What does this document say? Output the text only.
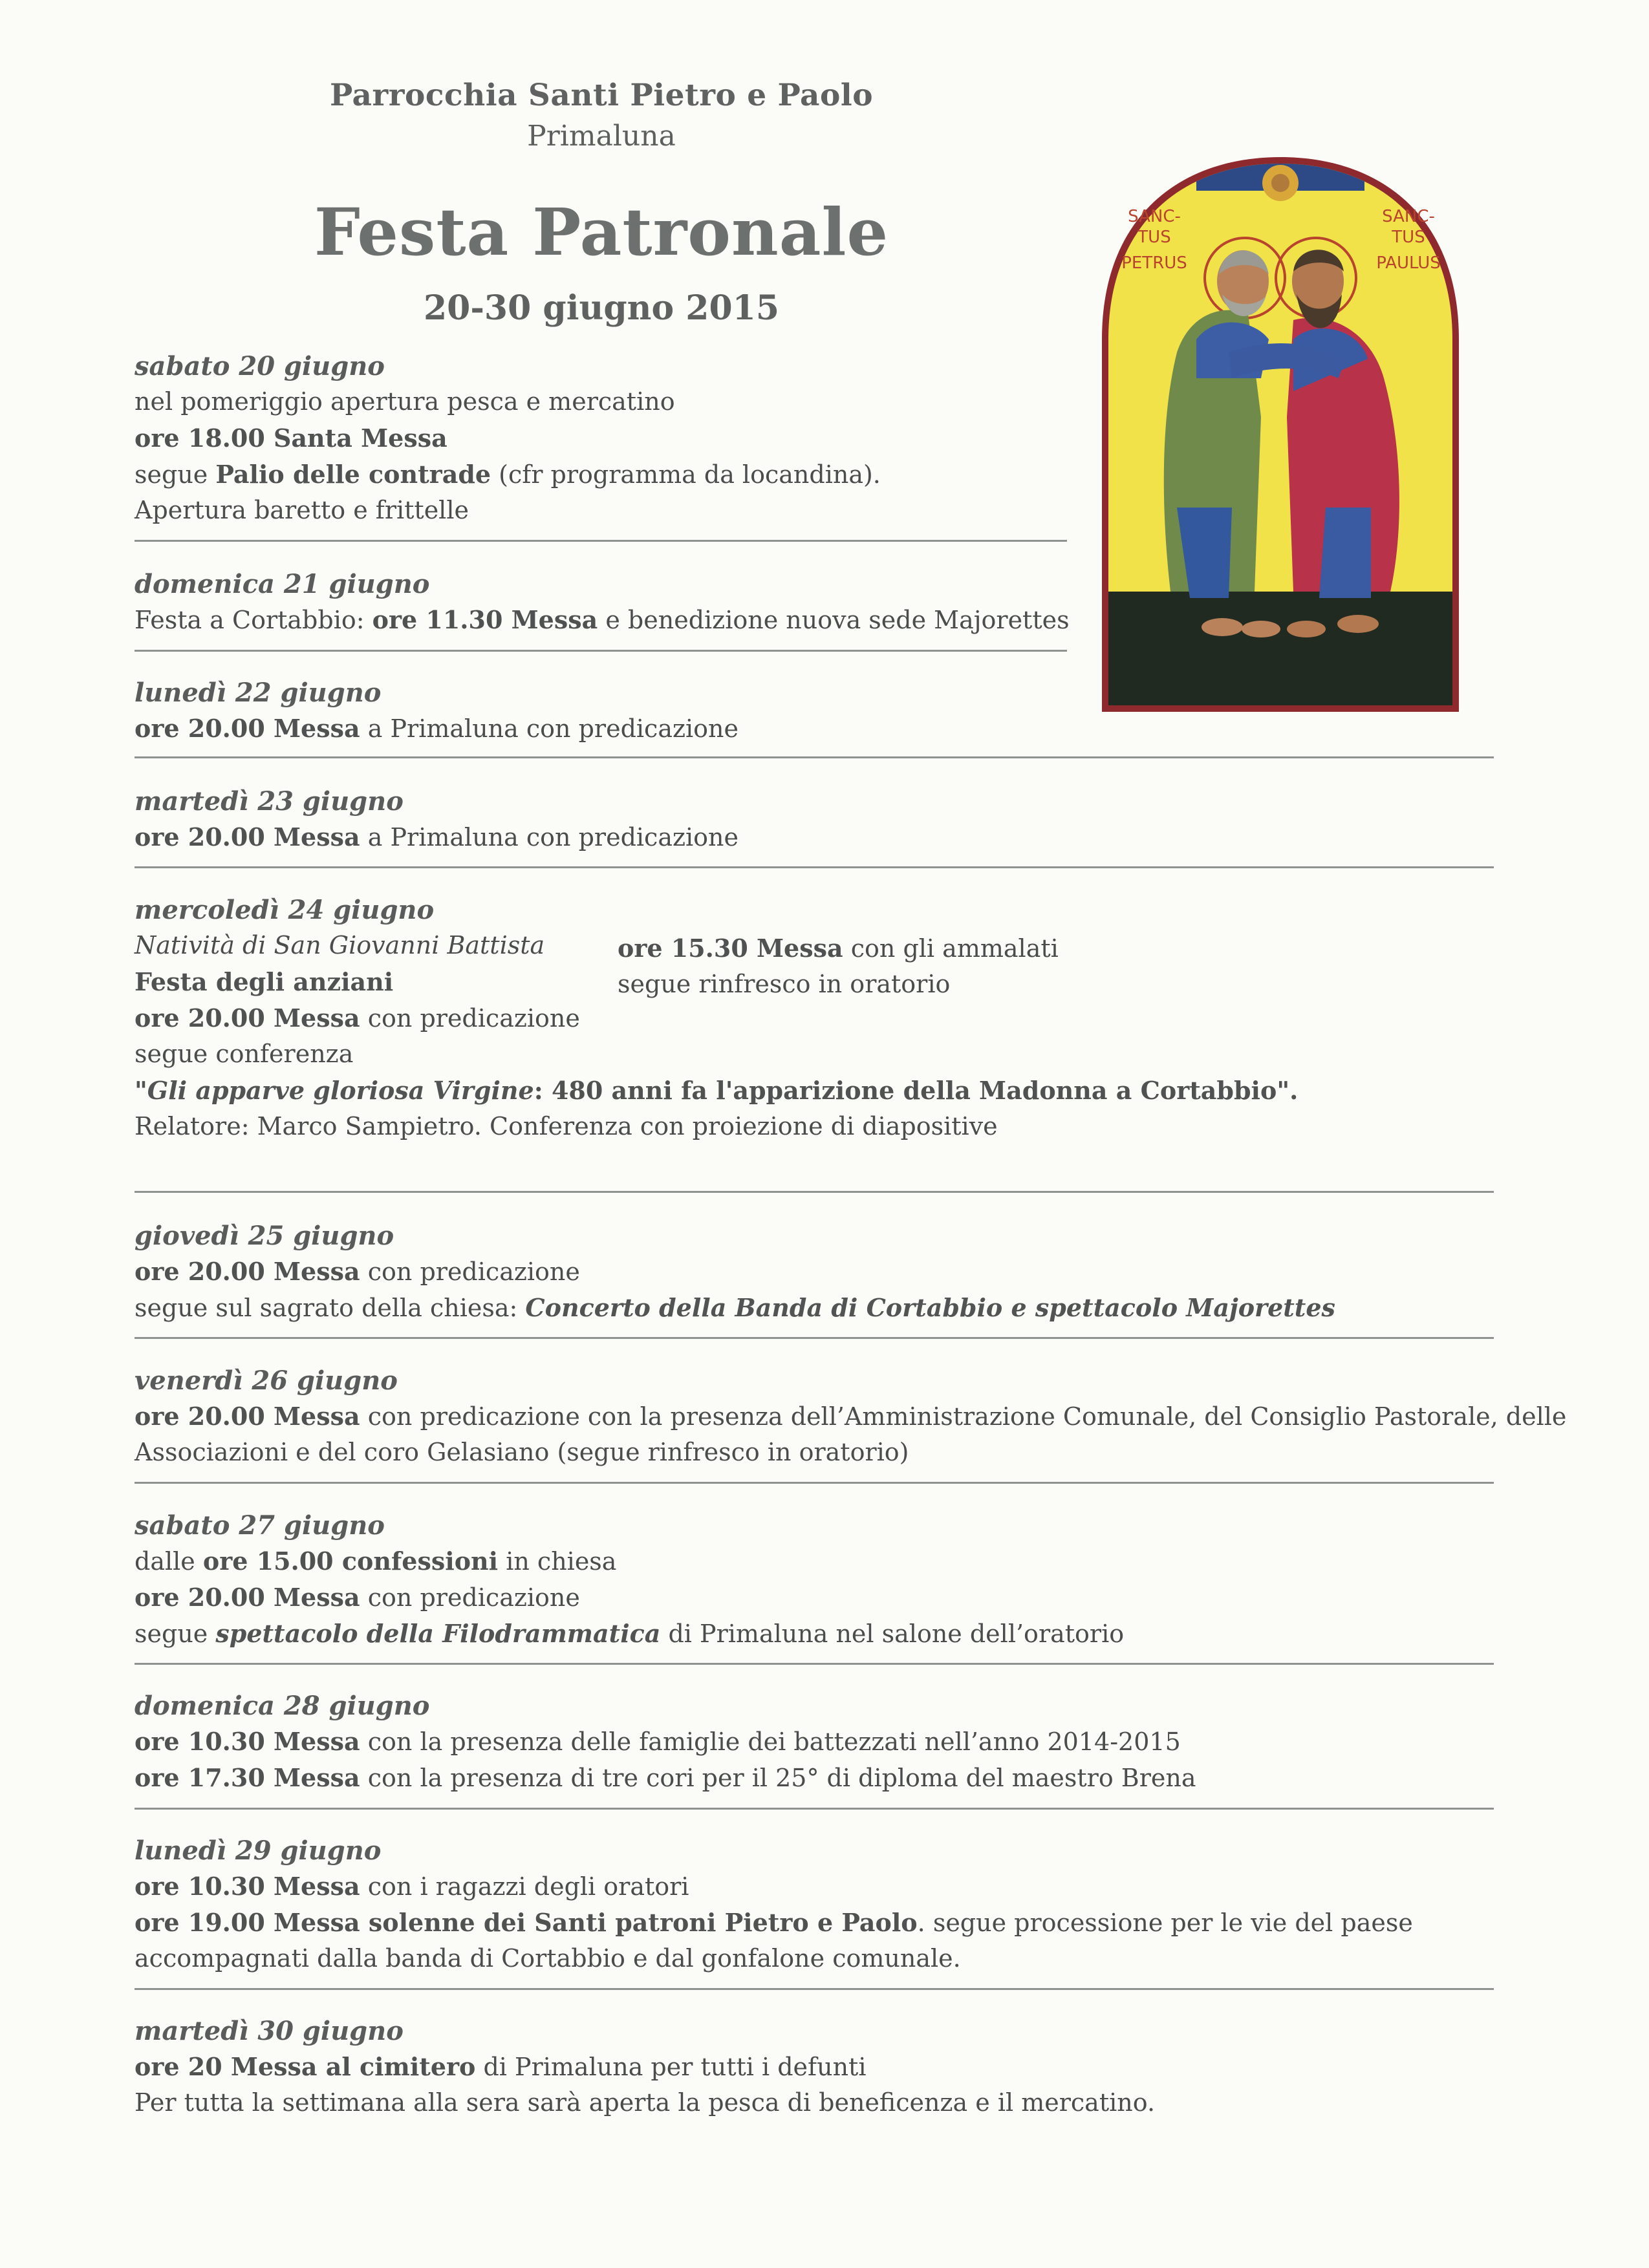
Parrocchia Santi Pietro e Paolo
Primaluna
Festa Patronale
20-30 giugno 2015
SANC-
TUS
PETRUS
SANC-
TUS
PAULUS
sabato 20 giugno
nel pomeriggio apertura pesca e mercatino
ore 18.00 Santa Messa
segue Palio delle contrade (cfr programma da locandina).
Apertura baretto e frittelle
domenica 21 giugno
Festa a Cortabbio: ore 11.30 Messa e benedizione nuova sede Majorettes
lunedì 22 giugno
ore 20.00 Messa a Primaluna con predicazione
martedì 23 giugno
ore 20.00 Messa a Primaluna con predicazione
mercoledì 24 giugno
Natività di San Giovanni Battista
Festa degli anziani
ore 20.00 Messa con predicazione
segue conferenza
"Gli apparve gloriosa Virgine: 480 anni fa l'apparizione della Madonna a Cortabbio".
Relatore: Marco Sampietro. Conferenza con proiezione di diapositive
ore 15.30 Messa con gli ammalati
segue rinfresco in oratorio
giovedì 25 giugno
ore 20.00 Messa con predicazione
segue sul sagrato della chiesa: Concerto della Banda di Cortabbio e spettacolo Majorettes
venerdì 26 giugno
ore 20.00 Messa con predicazione con la presenza dell’Amministrazione Comunale, del Consiglio Pastorale, delle
Associazioni e del coro Gelasiano (segue rinfresco in oratorio)
sabato 27 giugno
dalle ore 15.00 confessioni in chiesa
ore 20.00 Messa con predicazione
segue spettacolo della Filodrammatica di Primaluna nel salone dell’oratorio
domenica 28 giugno
ore 10.30 Messa con la presenza delle famiglie dei battezzati nell’anno 2014-2015
ore 17.30 Messa con la presenza di tre cori per il 25° di diploma del maestro Brena
lunedì 29 giugno
ore 10.30 Messa con i ragazzi degli oratori
ore 19.00 Messa solenne dei Santi patroni Pietro e Paolo. segue processione per le vie del paese
accompagnati dalla banda di Cortabbio e dal gonfalone comunale.
martedì 30 giugno
ore 20 Messa al cimitero di Primaluna per tutti i defunti
Per tutta la settimana alla sera sarà aperta la pesca di beneficenza e il mercatino.
